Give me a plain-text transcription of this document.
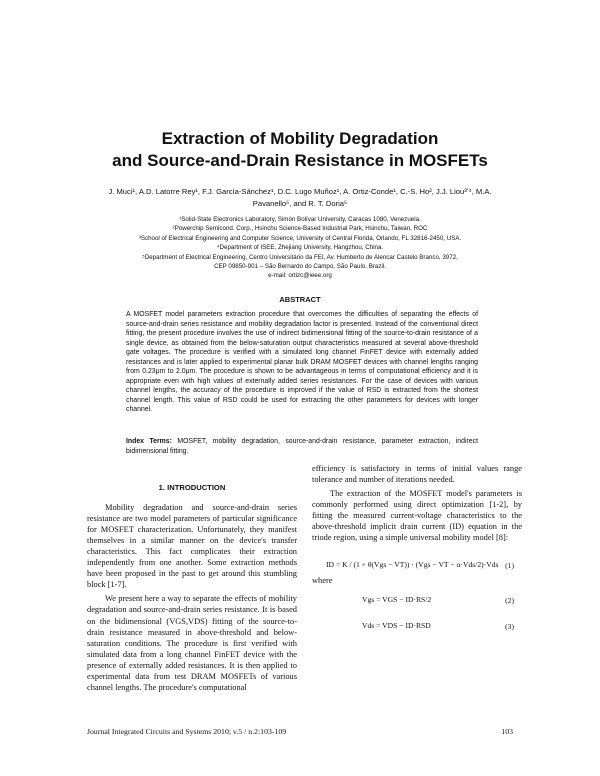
Extraction of Mobility Degradation
and Source-and-Drain Resistance in MOSFETs
J. Muci¹, A.D. Latorre Rey¹, F.J. García-Sánchez¹, D.C. Lugo Muñoz¹, A. Ortiz-Conde¹, C.-S. Ho², J.J. Liou³ʼ⁴, M.A.
Pavanello⁵, and R. T. Doria⁵
¹Solid-State Electronics Laboratory, Simón Bolívar University, Caracas 1080, Venezuela.
²Powerchip Semicond. Corp., Hsinchu Science-Based Industrial Park, Hsinchu, Taiwan, ROC
³School of Electrical Engineering and Computer Science, University of Central Florida, Orlando, FL 32816-2450, USA.
⁴Department of ISEE, Zhejiang University, Hangzhou, China.
⁵Department of Electrical Engineering, Centro Universitário da FEI, Av. Humberto de Alencar Castelo Branco, 3972,
CEP 09850-901 – São Bernardo do Campo, São Paulo, Brazil.
e-mail: ortizc@ieee.org
ABSTRACT
A MOSFET model parameters extraction procedure that overcomes the difficulties of separating the effects of source-and-drain series resistance and mobility degradation factor is presented. Instead of the conventional direct fitting, the present procedure involves the use of indirect bidimensional fitting of the source-to-drain resistance of a single device, as obtained from the below-saturation output characteristics measured at several above-threshold gate voltages. The procedure is verified with a simulated long channel FinFET device with externally added resistances and is later applied to experimental planar bulk DRAM MOSFET devices with channel lengths ranging from 0.23μm to 2.0μm. The procedure is shown to be advantageous in terms of computational efficiency and it is appropriate even with high values of externally added series resistances. For the case of devices with various channel lengths, the accuracy of the procedure is improved if the value of RSD is extracted from the shortest channel length. This value of RSD could be used for extracting the other parameters for devices with longer channel.
Index Terms: MOSFET, mobility degradation, source-and-drain resistance, parameter extraction, indirect bidimensional fitting.
1. INTRODUCTION

Mobility degradation and source-and-drain series resistance are two model parameters of particular significance for MOSFET characterization. Unfortunately, they manifest themselves in a similar manner on the device's transfer characteristics. This fact complicates their extraction independently from one another. Some extraction methods have been proposed in the past to get around this stumbling block [1-7].

We present here a way to separate the effects of mobility degradation and source-and-drain series resistance. It is based on the bidimensional (VGS,VDS) fitting of the source-to-drain resistance measured in above-threshold and below-saturation conditions. The procedure is first verified with simulated data from a long channel FinFET device with the presence of externally added resistances. It is then applied to experimental data from test DRAM MOSFETs of various channel lengths. The procedure's computational

efficiency is satisfactory in terms of initial values range tolerance and number of iterations needed.

The extraction of the MOSFET model's parameters is commonly performed using direct optimization [1-2], by fitting the measured current-voltage characteristics to the above-threshold implicit drain current (ID) equation in the triode region, using a simple universal mobility model [8]:

ID = K / (1 + θ(Vgs − VT)) · (Vgs − VT − α·Vds/2)·Vds (1)

where

Vgs = VGS − ID·RS/2	(2)
Vds = VDS − ID·RSD	(3)
Journal Integrated Circuits and Systems 2010; v.5 / n.2:103-109	103
